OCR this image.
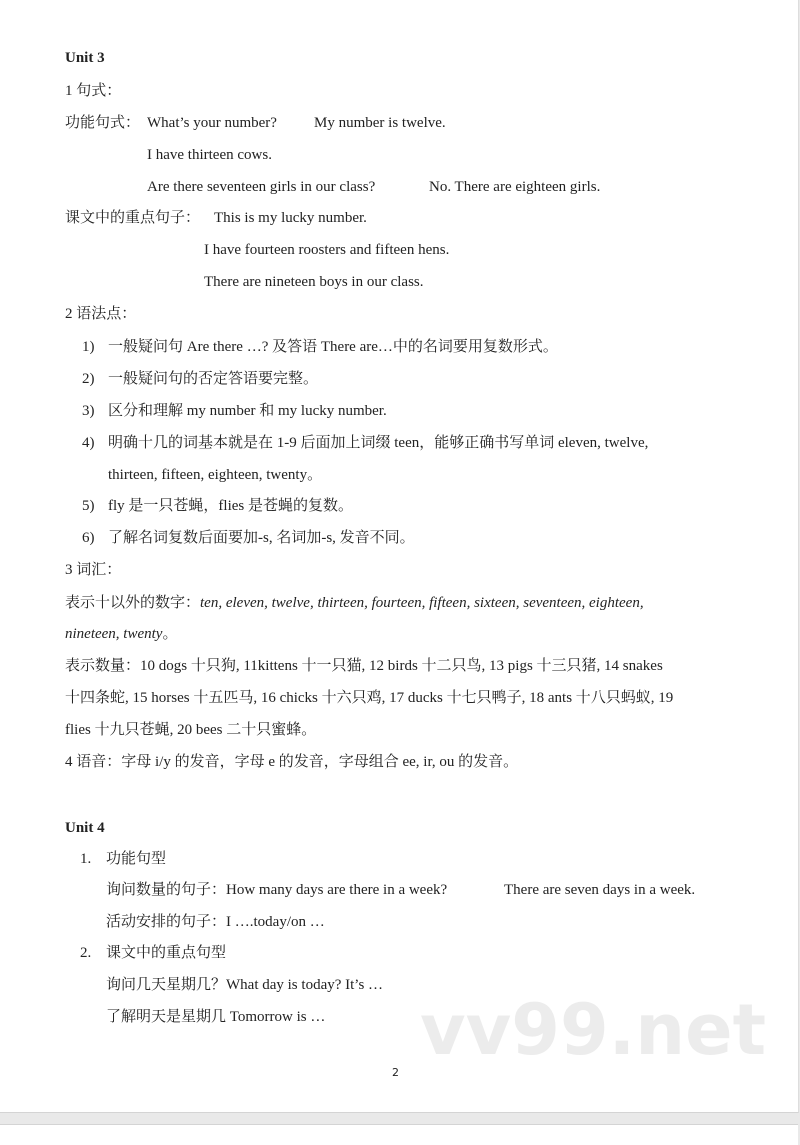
Unit 3
1 句式：
功能句式： What’s your number? My number is twelve.
I have thirteen cows.
Are there seventeen girls in our class?	No. There are eighteen girls.
课文中的重点句子： This is my lucky number.
I have fourteen roosters and fifteen hens.
There are nineteen boys in our class.
2 语法点：
1) 一般疑问句 Are there …? 及答语 There are…中的名词要用复数形式。
2) 一般疑问句的否定答语要完整。
3) 区分和理解 my number 和 my lucky number.
4) 明确十几的词基本就是在 1-9 后面加上词缀 teen，能够正确书写单词 eleven, twelve,
thirteen, fifteen, eighteen, twenty。
5) fly 是一只苍蝇，flies 是苍蝇的复数。
6) 了解名词复数后面要加-s, 名词加-s, 发音不同。
3 词汇：
表示十以外的数字：ten, eleven, twelve, thirteen, fourteen, fifteen, sixteen, seventeen, eighteen,
nineteen, twenty。
表示数量：10 dogs 十只狗, 11kittens 十一只猫, 12 birds 十二只鸟, 13 pigs 十三只猪, 14 snakes
十四条蛇, 15 horses 十五匹马, 16 chicks 十六只鸡, 17 ducks 十七只鸭子, 18 ants 十八只蚂蚁, 19
flies 十九只苍蝇, 20 bees 二十只蜜蜂。
4 语音：字母 i/y 的发音，字母 e 的发音，字母组合 ee, ir, ou 的发音。
Unit 4
1. 功能句型
询问数量的句子：How many days are there in a week?	There are seven days in a week.
活动安排的句子：I ….today/on …
2. 课文中的重点句型
询问几天星期几？What day is today? It’s …
vv99.net
了解明天是星期几 Tomorrow is …
2
